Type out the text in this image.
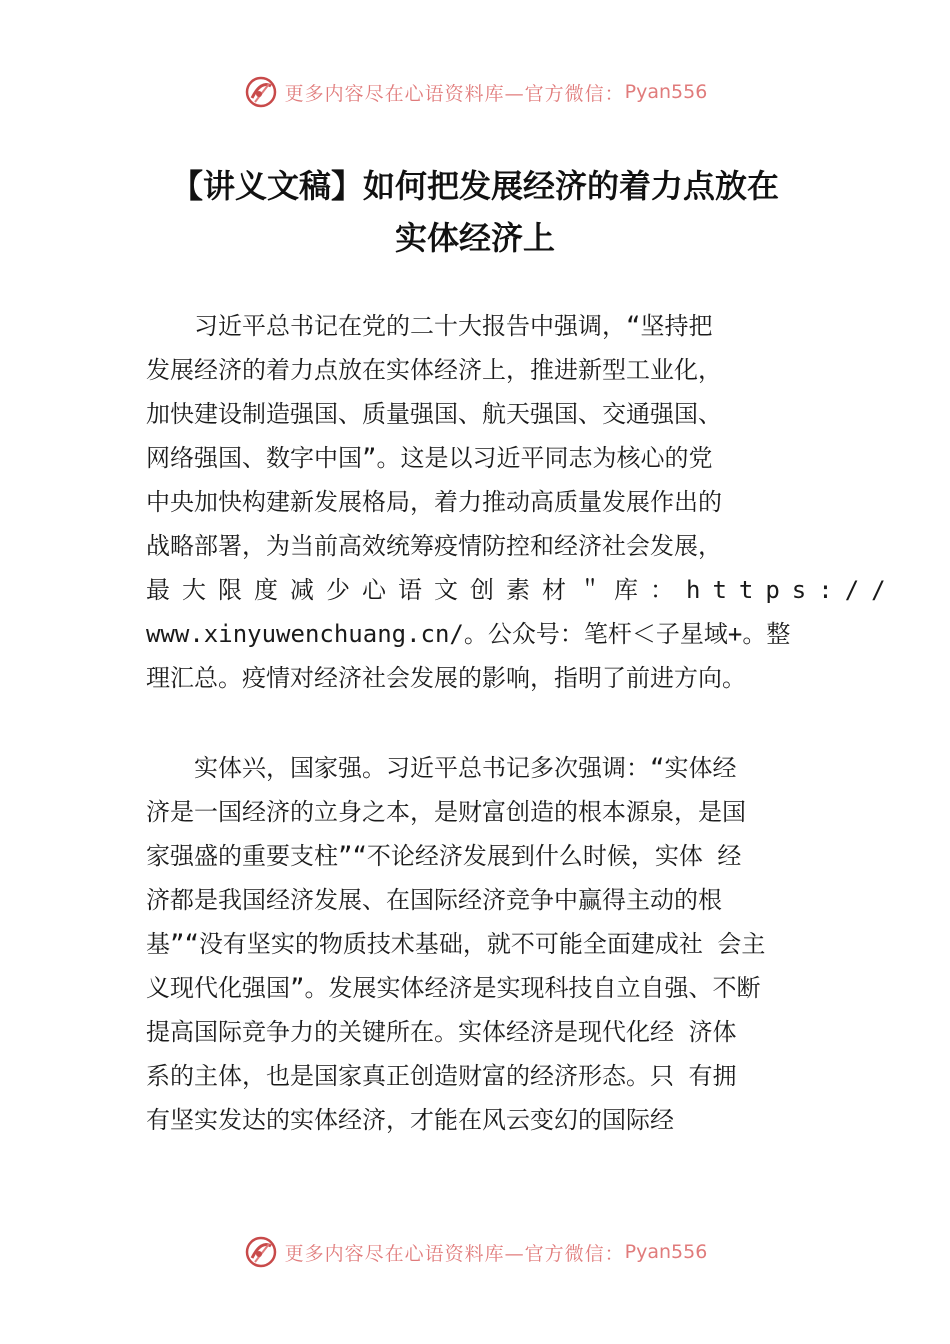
更多内容尽在心语资料库—官方微信： Pyan556
【讲义文稿】如何把发展经济的着力点放在
实体经济上
　　习近平总书记在党的二十大报告中强调，“坚持把
发展经济的着力点放在实体经济上，推进新型工业化，
加快建设制造强国、质量强国、航天强国、交通强国、
网络强国、数字中国”。这是以习近平同志为核心的党
中央加快构建新发展格局，着力推动高质量发展作出的
战略部署，为当前高效统筹疫情防控和经济社会发展，
最大限度减少心语文创素材＂库：https://
www.xinyuwenchuang.cn/。公众号：笔杆＜子星域+。整
理汇总。疫情对经济社会发展的影响，指明了前进方向。
　　实体兴，国家强。习近平总书记多次强调：“实体经
济是一国经济的立身之本，是财富创造的根本源泉，是国
家强盛的重要支柱”“不论经济发展到什么时候，实体 经
济都是我国经济发展、在国际经济竞争中赢得主动的根
基”“没有坚实的物质技术基础，就不可能全面建成社 会主
义现代化强国”。发展实体经济是实现科技自立自强、不断
提高国际竞争力的关键所在。实体经济是现代化经 济体
系的主体，也是国家真正创造财富的经济形态。只 有拥
有坚实发达的实体经济，才能在风云变幻的国际经
更多内容尽在心语资料库—官方微信： Pyan556
